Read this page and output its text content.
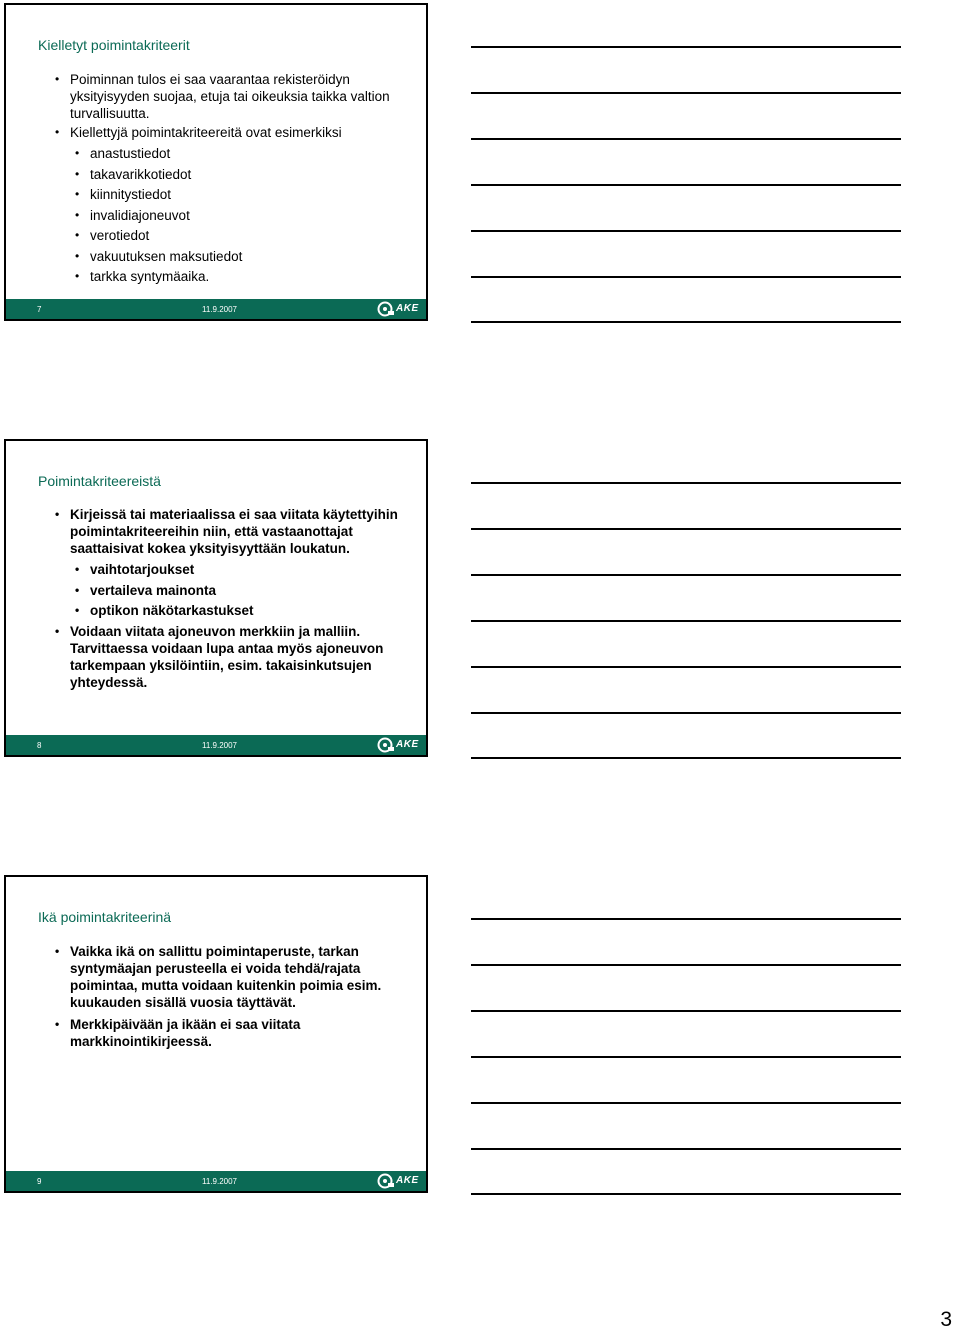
Kielletyt poimintakriteerit
• Poiminnan tulos ei saa vaarantaa rekisteröidyn yksityisyyden suojaa, etuja tai oikeuksia taikka valtion turvallisuutta.
• Kiellettyjä poimintakriteereitä ovat esimerkiksi
• anastustiedot
• takavarikkotiedot
• kiinnitystiedot
• invalidiajoneuvot
• verotiedot
• vakuutuksen maksutiedot
• tarkka syntymäaika.
7	11.9.2007	AKE
Poimintakriteereistä
• Kirjeissä tai materiaalissa ei saa viitata käytettyihin poimintakriteereihin niin, että vastaanottajat saattaisivat kokea yksityisyyttään loukatun.
• vaihtotarjoukset
• vertaileva mainonta
• optikon näkötarkastukset
• Voidaan viitata ajoneuvon merkkiin ja malliin. Tarvittaessa voidaan lupa antaa myös ajoneuvon tarkempaan yksilöintiin, esim. takaisinkutsujen yhteydessä.
8	11.9.2007	AKE
Ikä poimintakriteerinä
• Vaikka ikä on sallittu poimintaperuste, tarkan syntymäajan perusteella ei voida tehdä/rajata poimintaa, mutta voidaan kuitenkin poimia esim. kuukauden sisällä vuosia täyttävät.
• Merkkipäivään ja ikään ei saa viitata markkinointikirjeessä.
9	11.9.2007	AKE
3
